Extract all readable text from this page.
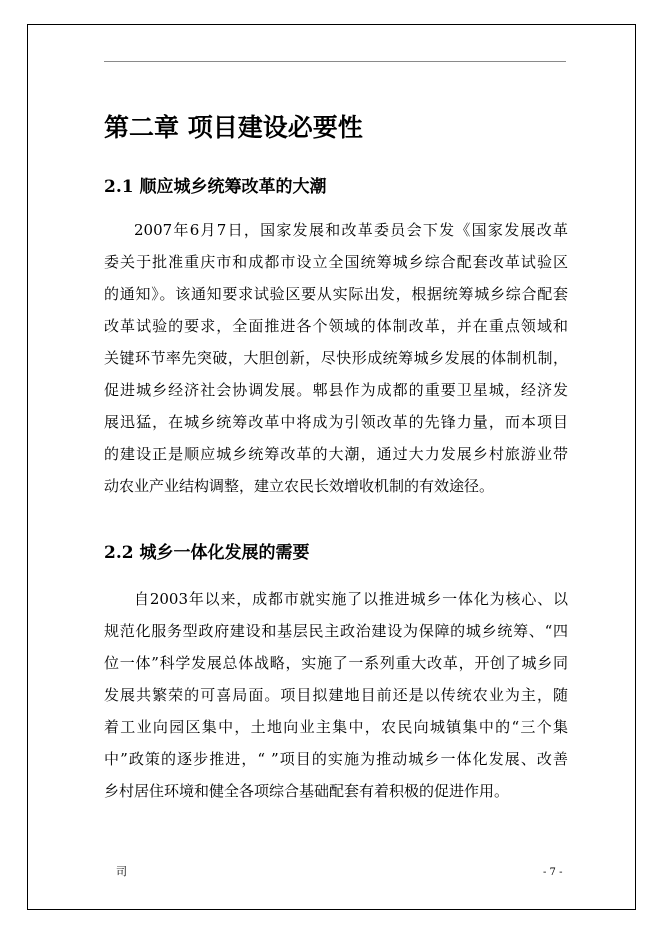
第二章 项目建设必要性
2.1 顺应城乡统筹改革的大潮
2007年6月7日，国家发展和改革委员会下发《国家发展改革
委关于批准重庆市和成都市设立全国统筹城乡综合配套改革试验区
的通知》。该通知要求试验区要从实际出发，根据统筹城乡综合配套
改革试验的要求，全面推进各个领域的体制改革，并在重点领域和
关键环节率先突破，大胆创新，尽快形成统筹城乡发展的体制机制，
促进城乡经济社会协调发展。郫县作为成都的重要卫星城，经济发
展迅猛，在城乡统筹改革中将成为引领改革的先锋力量，而本项目
的建设正是顺应城乡统筹改革的大潮，通过大力发展乡村旅游业带
动农业产业结构调整，建立农民长效增收机制的有效途径。
2.2 城乡一体化发展的需要
自2003年以来，成都市就实施了以推进城乡一体化为核心、以
规范化服务型政府建设和基层民主政治建设为保障的城乡统筹、“四
位一体”科学发展总体战略，实施了一系列重大改革，开创了城乡同
发展共繁荣的可喜局面。项目拟建地目前还是以传统农业为主，随
着工业向园区集中，土地向业主集中，农民向城镇集中的“三个集
中”政策的逐步推进，“ ”项目的实施为推动城乡一体化发展、改善
乡村居住环境和健全各项综合基础配套有着积极的促进作用。
司	- 7 -
